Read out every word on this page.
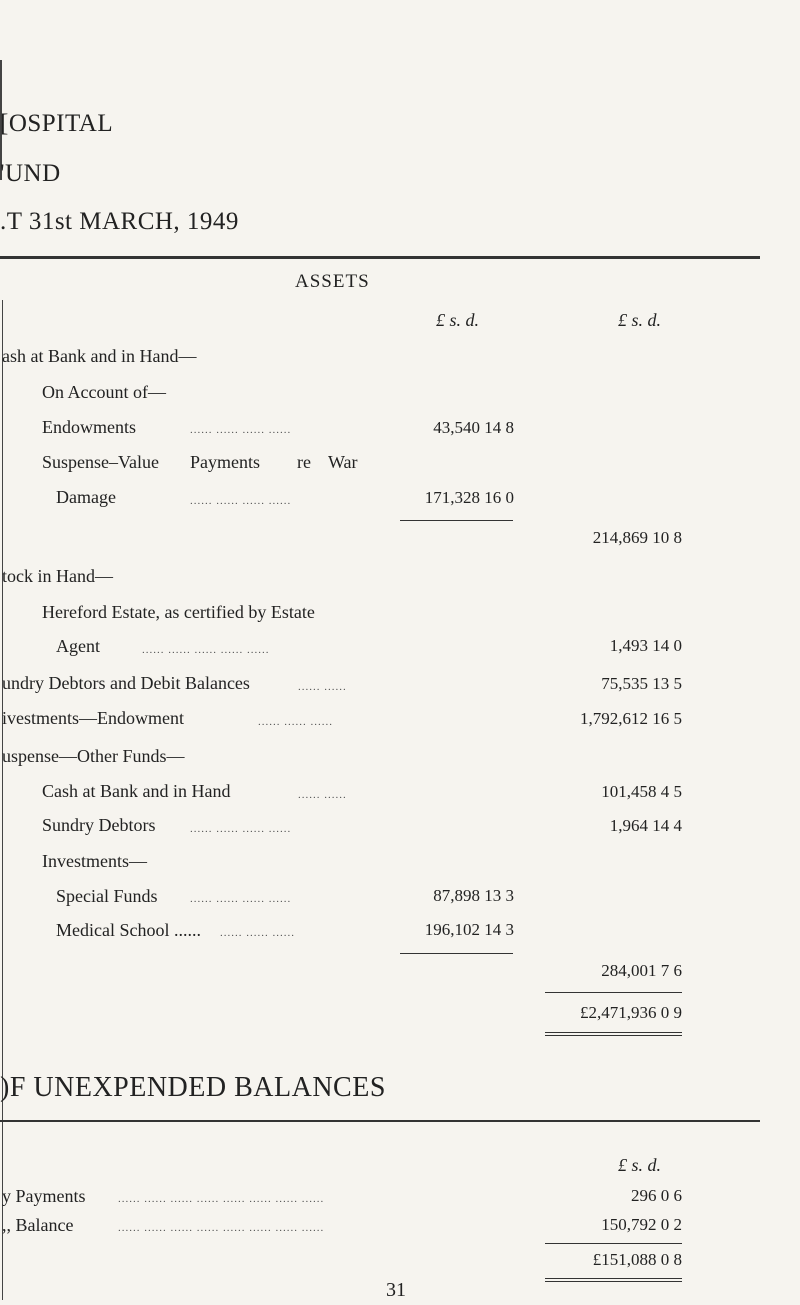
[OSPITAL
'UND
.T 31st MARCH, 1949
ASSETS
£ s. d.	£ s. d.
ash at Bank and in Hand—
On Account of—
Endowments	...... ...... ...... ......	43,540 14 8
Suspense–Value Payments re War
Damage	...... ...... ...... ......	171,328 16 0
214,869 10 8
tock in Hand—
Hereford Estate, as certified by Estate
Agent	...... ...... ...... ...... ......	1,493 14 0
undry Debtors and Debit Balances	...... ......	75,535 13 5
ivestments—Endowment	...... ...... ......	1,792,612 16 5
uspense—Other Funds—
Cash at Bank and in Hand	...... ......	101,458 4 5
Sundry Debtors	...... ...... ...... ......	1,964 14 4
Investments—
Special Funds	...... ...... ...... ......	87,898 13 3
Medical School ...... ...... ...... ......	196,102 14 3
284,001 7 6
£2,471,936 0 9
)F UNEXPENDED BALANCES
£ s. d.
y Payments	...... ...... ...... ...... ...... ...... ...... ......	296 0 6
,, Balance	...... ...... ...... ...... ...... ...... ...... ......	150,792 0 2
£151,088 0 8
31
